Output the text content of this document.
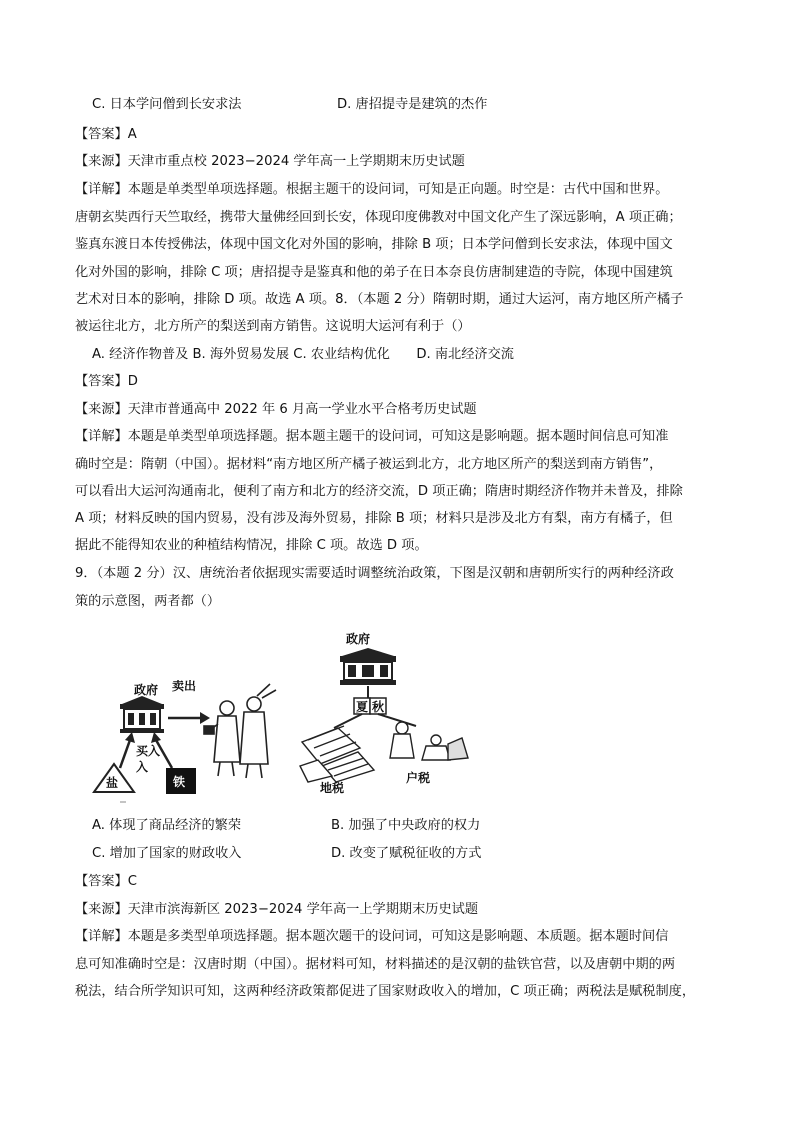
C. 日本学问僧到长安求法	D. 唐招提寺是建筑的杰作
【答案】A
【来源】天津市重点校 2023−2024 学年高一上学期期末历史试题
【详解】本题是单类型单项选择题。根据主题干的设问词，可知是正向题。时空是：古代中国和世界。
唐朝玄奘西行天竺取经，携带大量佛经回到长安，体现印度佛教对中国文化产生了深远影响，A 项正确；
鉴真东渡日本传授佛法，体现中国文化对外国的影响，排除 B 项；日本学问僧到长安求法，体现中国文
化对外国的影响，排除 C 项；唐招提寺是鉴真和他的弟子在日本奈良仿唐制建造的寺院，体现中国建筑
艺术对日本的影响，排除 D 项。故选 A 项。8．（本题 2 分）隋朝时期，通过大运河，南方地区所产橘子
被运往北方，北方所产的梨送到南方销售。这说明大运河有利于（）
A. 经济作物普及 B. 海外贸易发展 C. 农业结构优化　　D. 南北经济交流
【答案】D
【来源】天津市普通高中 2022 年 6 月高一学业水平合格考历史试题
【详解】本题是单类型单项选择题。据本题主题干的设问词，可知这是影响题。据本题时间信息可知准
确时空是：隋朝（中国）。据材料“南方地区所产橘子被运到北方，北方地区所产的梨送到南方销售”，
可以看出大运河沟通南北，便利了南方和北方的经济交流，D 项正确；隋唐时期经济作物并未普及，排除
A 项；材料反映的国内贸易，没有涉及海外贸易，排除 B 项；材料只是涉及北方有梨，南方有橘子，但
据此不能得知农业的种植结构情况，排除 C 项。故选 D 项。
9．（本题 2 分）汉、唐统治者依据现实需要适时调整统治政策，下图是汉朝和唐朝所实行的两种经济政
策的示意图，两者都（）
政府 卖出
买入
入
盐	铁
政府
夏 秋
地税
户税
A. 体现了商品经济的繁荣	B. 加强了中央政府的权力
C. 增加了国家的财政收入	D. 改变了赋税征收的方式
【答案】C
【来源】天津市滨海新区 2023−2024 学年高一上学期期末历史试题
【详解】本题是多类型单项选择题。据本题次题干的设问词，可知这是影响题、本质题。据本题时间信
息可知准确时空是：汉唐时期（中国）。据材料可知，材料描述的是汉朝的盐铁官营，以及唐朝中期的两
税法，结合所学知识可知，这两种经济政策都促进了国家财政收入的增加，C 项正确；两税法是赋税制度，
